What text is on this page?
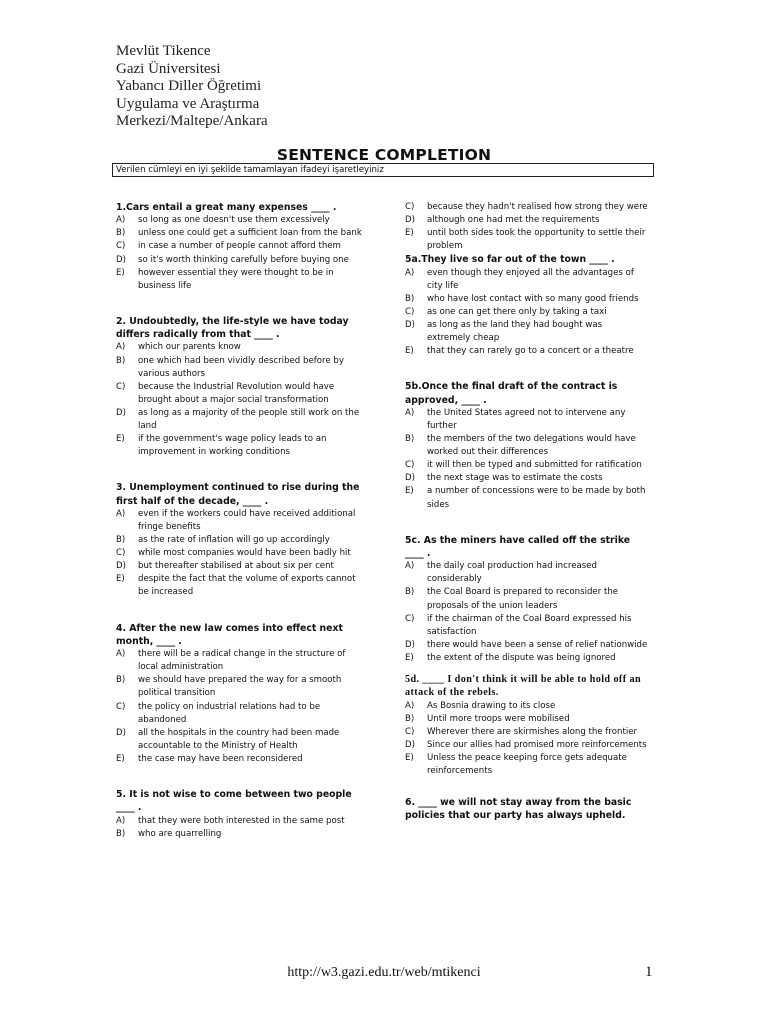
Mevlüt Tikence
Gazi Üniversitesi
Yabancı Diller Öğretimi
Uygulama ve Araştırma
Merkezi/Maltepe/Ankara
SENTENCE COMPLETION
Verilen cümleyi en iyi şekilde tamamlayan ifadeyi işaretleyiniz
1.Cars entail a great many expenses ____ .
A)	so long as one doesn't use them excessively
B)	unless one could get a sufficient loan from the bank
C)	in case a number of people cannot afford them
D)	so it's worth thinking carefully before buying one
E)	however essential they were thought to be in business life
2. Undoubtedly, the life-style we have today differs radically from that ____ .
A)	which our parents know
B)	one which had been vividly described before by various authors
C)	because the Industrial Revolution would have brought about a major social transformation
D)	as long as a majority of the people still work on the land
E)	if the government's wage policy leads to an improvement in working conditions
3. Unemployment continued to rise during the first half of the decade, ____ .
A)	even if the workers could have received additional fringe benefits
B)	as the rate of inflation will go up accordingly
C)	while most companies would have been badly hit
D)	but thereafter stabilised at about six per cent
E)	despite the fact that the volume of exports cannot be increased
4. After the new law comes into effect next month, ____ .
A)	there will be a radical change in the structure of local administration
B)	we should have prepared the way for a smooth political transition
C)	the policy on industrial relations had to be abandoned
D)	all the hospitals in the country had been made accountable to the Ministry of Health
E)	the case may have been reconsidered
5. It is not wise to come between two people ____ .
A)	that they were both interested in the same post
B)	who are quarrelling
C)	because they hadn't realised how strong they were
D)	although one had met the requirements
E)	until both sides took the opportunity to settle their problem
5a.They live so far out of the town ____ .
A)	even though they enjoyed all the advantages of city life
B)	who have lost contact with so many good friends
C)	as one can get there only by taking a taxi
D)	as long as the land they had bought was extremely cheap
E)	that they can rarely go to a concert or a theatre
5b.Once the final draft of the contract is approved, ____ .
A)	the United States agreed not to intervene any further
B)	the members of the two delegations would have worked out their differences
C)	it will then be typed and submitted for ratification
D)	the next stage was to estimate the costs
E)	a number of concessions were to be made by both sides
5c. As the miners have called off the strike ____ .
A)	the daily coal production had increased considerably
B)	the Coal Board is prepared to reconsider the proposals of the union leaders
C)	if the chairman of the Coal Board expressed his satisfaction
D)	there would have been a sense of relief nationwide
E)	the extent of the dispute was being ignored
5d. ____ I don't think it will be able to hold off an attack of the rebels.
A)	As Bosnia drawing to its close
B)	Until more troops were mobilised
C)	Wherever there are skirmishes along the frontier
D)	Since our allies had promised more reinforcements
E)	Unless the peace keeping force gets adequate reinforcements
6. ____ we will not stay away from the basic policies that our party has always upheld.
http://w3.gazi.edu.tr/web/mtikenci	1
